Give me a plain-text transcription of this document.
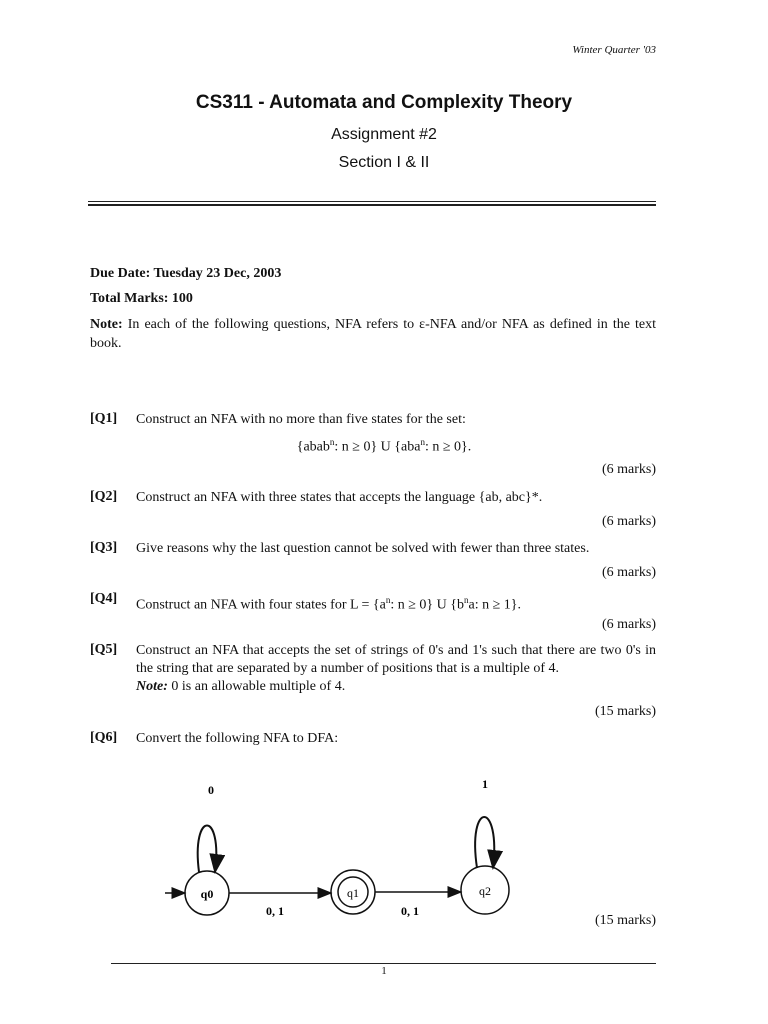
Winter Quarter '03
CS311 - Automata and Complexity Theory
Assignment #2
Section I & II
Due Date: Tuesday 23 Dec, 2003
Total Marks: 100
Note: In each of the following questions, NFA refers to ε-NFA and/or NFA as defined in the text book.
[Q1] Construct an NFA with no more than five states for the set:
{abab$^n$: n ≥ 0} U {aba$^n$: n ≥ 0}.
(6 marks)
[Q2] Construct an NFA with three states that accepts the language {ab, abc}*.
(6 marks)
[Q3] Give reasons why the last question cannot be solved with fewer than three states.
(6 marks)
[Q4] Construct an NFA with four states for $L = \{a^n$: n ≥ 0} U {$b^na$: n ≥ 1}.
(6 marks)
[Q5] Construct an NFA that accepts the set of strings of 0's and 1's such that there are two 0's in the string that are separated by a number of positions that is a multiple of 4.
Note: 0 is an allowable multiple of 4.
(15 marks)
[Q6] Convert the following NFA to DFA:
q0
0
0, 1
q1
0, 1
q2
1
(15 marks)
1
